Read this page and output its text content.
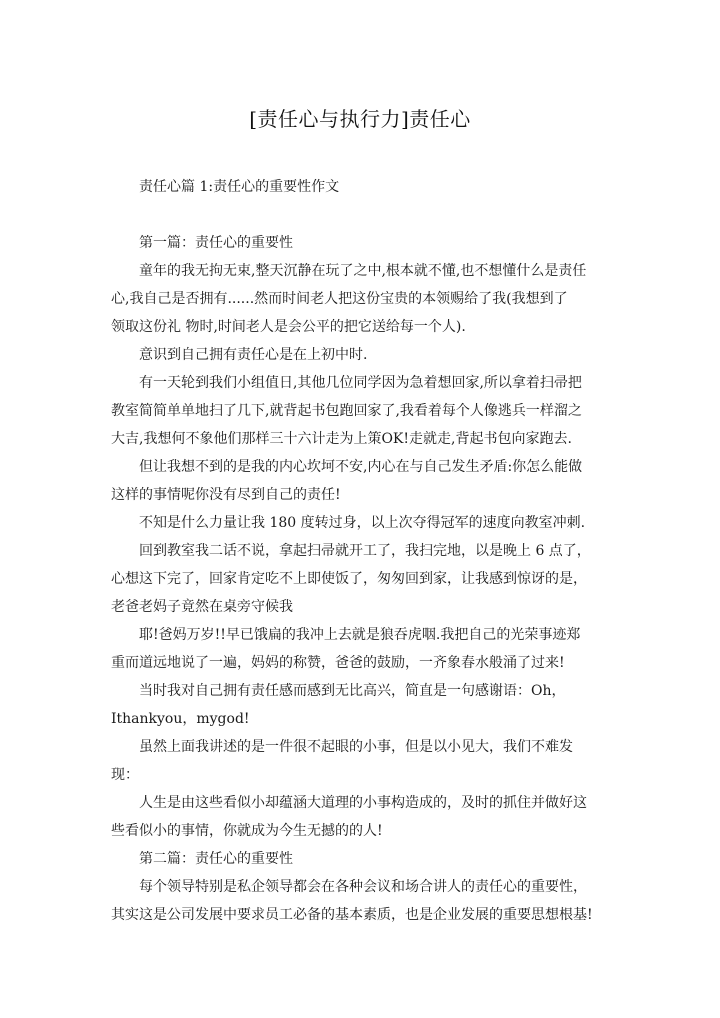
[责任心与执行力]责任心
责任心篇 1:责任心的重要性作文
第一篇：责任心的重要性
童年的我无拘无束,整天沉静在玩了之中,根本就不懂,也不想懂什么是责任
心,我自己是否拥有......然而时间老人把这份宝贵的本领赐给了我(我想到了
领取这份礼 物时,时间老人是会公平的把它送给每一个人).
意识到自己拥有责任心是在上初中时.
有一天轮到我们小组值日,其他几位同学因为急着想回家,所以拿着扫帚把
教室简简单单地扫了几下,就背起书包跑回家了,我看着每个人像逃兵一样溜之
大吉,我想何不象他们那样三十六计走为上策OK!走就走,背起书包向家跑去.
但让我想不到的是我的内心坎坷不安,内心在与自己发生矛盾:你怎么能做
这样的事情呢你没有尽到自己的责任!
不知是什么力量让我 180 度转过身，以上次夺得冠军的速度向教室冲刺.
回到教室我二话不说，拿起扫帚就开工了，我扫完地，以是晚上 6 点了，
心想这下完了，回家肯定吃不上即使饭了，匆匆回到家，让我感到惊讶的是，
老爸老妈子竟然在桌旁守候我
耶!爸妈万岁!!早已饿扁的我冲上去就是狼吞虎咽.我把自己的光荣事迹郑
重而道远地说了一遍，妈妈的称赞，爸爸的鼓励，一齐象春水般涌了过来!
当时我对自己拥有责任感而感到无比高兴，简直是一句感谢语：Oh，
Ithankyou，mygod!
虽然上面我讲述的是一件很不起眼的小事，但是以小见大，我们不难发
现：
人生是由这些看似小却蕴涵大道理的小事构造成的，及时的抓住并做好这
些看似小的事情，你就成为今生无撼的的人!
第二篇：责任心的重要性
每个领导特别是私企领导都会在各种会议和场合讲人的责任心的重要性，
其实这是公司发展中要求员工必备的基本素质，也是企业发展的重要思想根基!
